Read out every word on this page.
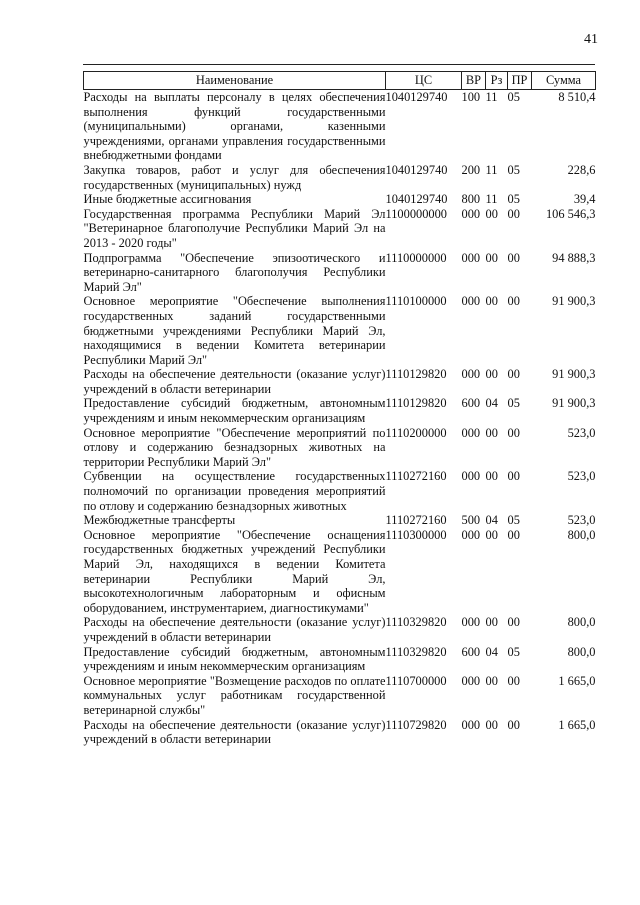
41
Наименование	ЦС	ВР	Рз	ПР	Сумма
Расходы на выплаты персоналу в целях обеспечения выполнения функций государственными (муниципальными) органами, казенными учреждениями, органами управления государственными внебюджетными фондами	1040129740	100	11	05	8 510,4
Закупка товаров, работ и услуг для обеспечения государственных (муниципальных) нужд	1040129740	200	11	05	228,6
Иные бюджетные ассигнования	1040129740	800	11	05	39,4
Государственная программа Республики Марий Эл "Ветеринарное благополучие Республики Марий Эл на 2013 - 2020 годы"	1100000000	000	00	00	106 546,3
Подпрограмма "Обеспечение эпизоотического и ветеринарно-санитарного благополучия Республики Марий Эл"	1110000000	000	00	00	94 888,3
Основное мероприятие "Обеспечение выполнения государственных заданий государственными бюджетными учреждениями Республики Марий Эл, находящимися в ведении Комитета ветеринарии Республики Марий Эл"	1110100000	000	00	00	91 900,3
Расходы на обеспечение деятельности (оказание услуг) учреждений в области ветеринарии	1110129820	000	00	00	91 900,3
Предоставление субсидий бюджетным, автономным учреждениям и иным некоммерческим организациям	1110129820	600	04	05	91 900,3
Основное мероприятие "Обеспечение мероприятий по отлову и содержанию безнадзорных животных на территории Республики Марий Эл"	1110200000	000	00	00	523,0
Субвенции на осуществление государственных полномочий по организации проведения мероприятий по отлову и содержанию безнадзорных животных	1110272160	000	00	00	523,0
Межбюджетные трансферты	1110272160	500	04	05	523,0
Основное мероприятие "Обеспечение оснащения государственных бюджетных учреждений Республики Марий Эл, находящихся в ведении Комитета ветеринарии Республики Марий Эл, высокотехнологичным лабораторным и офисным оборудованием, инструментарием, диагностикумами"	1110300000	000	00	00	800,0
Расходы на обеспечение деятельности (оказание услуг) учреждений в области ветеринарии	1110329820	000	00	00	800,0
Предоставление субсидий бюджетным, автономным учреждениям и иным некоммерческим организациям	1110329820	600	04	05	800,0
Основное мероприятие "Возмещение расходов по оплате коммунальных услуг работникам государственной ветеринарной службы"	1110700000	000	00	00	1 665,0
Расходы на обеспечение деятельности (оказание услуг) учреждений в области ветеринарии	1110729820	000	00	00	1 665,0
